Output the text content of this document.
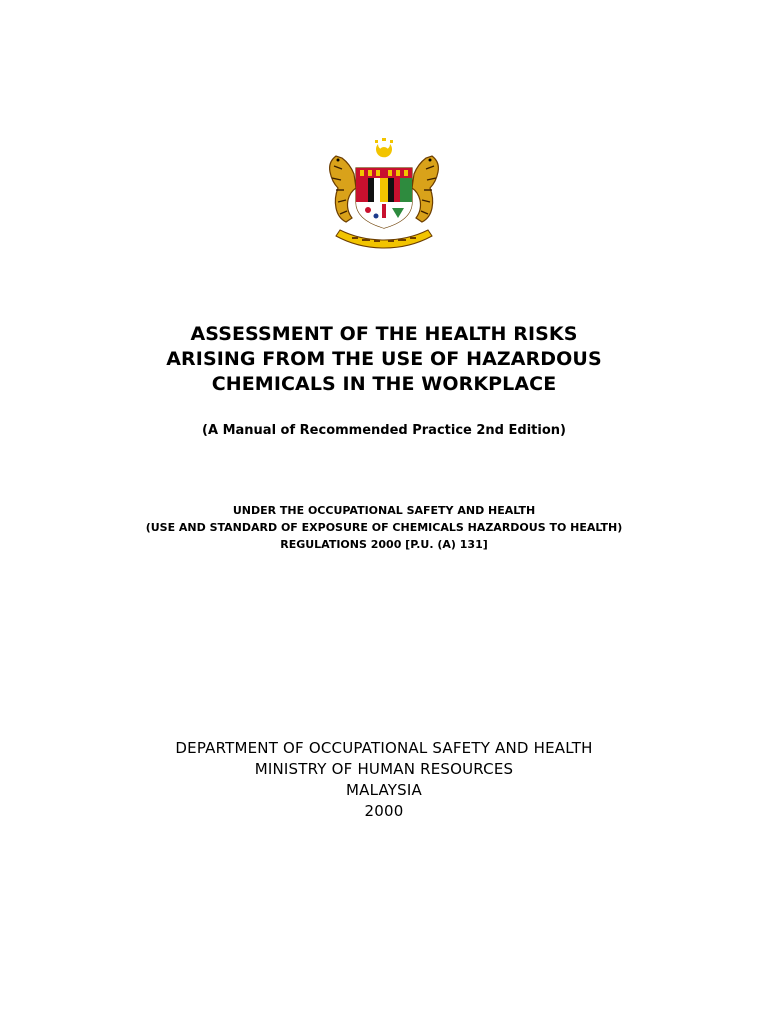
ASSESSMENT OF THE HEALTH RISKS
ARISING FROM THE USE OF HAZARDOUS
CHEMICALS IN THE WORKPLACE
(A Manual of Recommended Practice 2nd Edition)
UNDER THE OCCUPATIONAL SAFETY AND HEALTH
(USE AND STANDARD OF EXPOSURE OF CHEMICALS HAZARDOUS TO HEALTH)
REGULATIONS 2000 [P.U. (A) 131]
DEPARTMENT OF OCCUPATIONAL SAFETY AND HEALTH
MINISTRY OF HUMAN RESOURCES
MALAYSIA
2000
